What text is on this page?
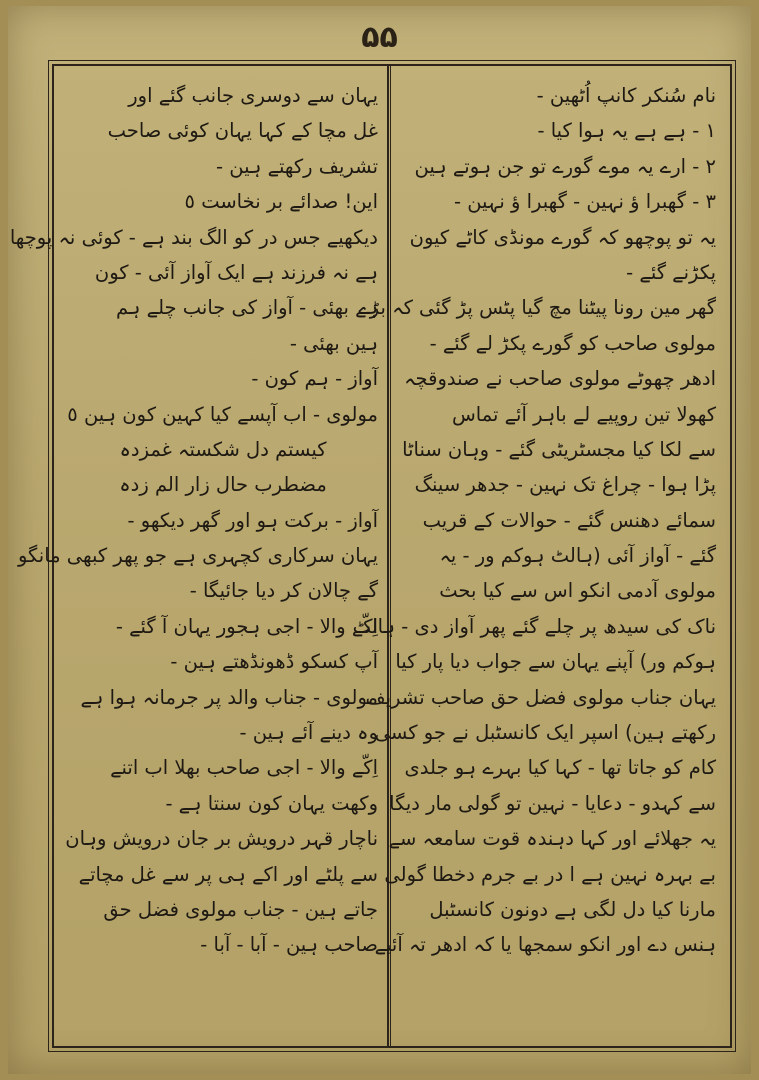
۵۵
نام سُنکر کانپ اُٹھین -
۱ - ہے ہے یہ ہوا کیا -
۲ - ارے یہ موے گورے تو جن ہوتے ہین
۳ - گھبرا ؤ نہین - گھبرا ؤ نہین -
یہ تو پوچھو کہ گورے مونڈی کاٹے کیون
پکڑنے گئے -
گھر مین رونا پیٹنا مچ گیا پٹس پڑ گئی کہ بڑے
مولوی صاحب کو گورے پکڑ لے گئے -
ادھر چھوٹے مولوی صاحب نے صندوقچہ
کھولا تین روپیے لے باہر آئے تماس
سے لکا کیا مجسٹریٹی گئے - وہان سناٹا
پڑا ہوا - چراغ تک نہین - جدھر سینگ
سمائے دھنس گئے - حوالات کے قریب
گئے - آواز آئی (ہالٹ ہوکم ور - یہ
مولوی آدمی انکو اس سے کیا بحث
ناک کی سیدھ پر چلے گئے پھر آواز دی - ہالٹ
ہوکم ور) آپنے یہان سے جواب دیا پار کیا
یہان جناب مولوی فضل حق صاحب تشریف
رکھتے ہین) اسپر ایک کانسٹبل نے جو کسی
کام کو جاتا تھا - کہا کیا بہرے ہو جلدی
سے کہدو - دعایا - نہین تو گولی مار دیگا
یہ جھلائے اور کہا دہندہ قوت سامعہ سے
بے بہرہ نہین ہے ا در بے جرم دخطا گولی
مارنا کیا دل لگی ہے دونون کانسٹبل
ہنس دے اور انکو سمجھا یا کہ ادھر تہ آئیے
یہان سے دوسری جانب گئے اور
غل مچا کے کہا یہان کوئی صاحب
تشریف رکھتے ہین -
این! صدائے بر نخاست ٥
دیکھیے جس در کو الگ بند ہے - کوئی نہ پوچھا
ہے نہ فرزند ہے ایک آواز آئی - کون
ہے بھئی - آواز کی جانب چلے ہم
ہین بھئی -
آواز - ہم کون -
مولوی - اب آپسے کیا کہین کون ہین ٥
کیستم دل شکستہ غمزدہ
مضطرب حال زار الم زدہ
آواز - برکت ہو اور گھر دیکھو -
یہان سرکاری کچہری ہے جو پھر کبھی مانگو
گے چالان کر دیا جائیگا -
اِکّے والا - اجی ہجور یہان آ گئے -
آپ کسکو ڈھونڈھتے ہین -
مولوی - جناب والد پر جرمانہ ہوا ہے
وہ دینے آئے ہین -
اِکّے والا - اجی صاحب بھلا اب اتنے
وکھت یہان کون سنتا ہے -
ناچار قہر درویش بر جان درویش وہان
سے پلٹے اور اکے ہی پر سے غل مچاتے
جاتے ہین - جناب مولوی فضل حق
صاحب ہین - آبا - آبا -
